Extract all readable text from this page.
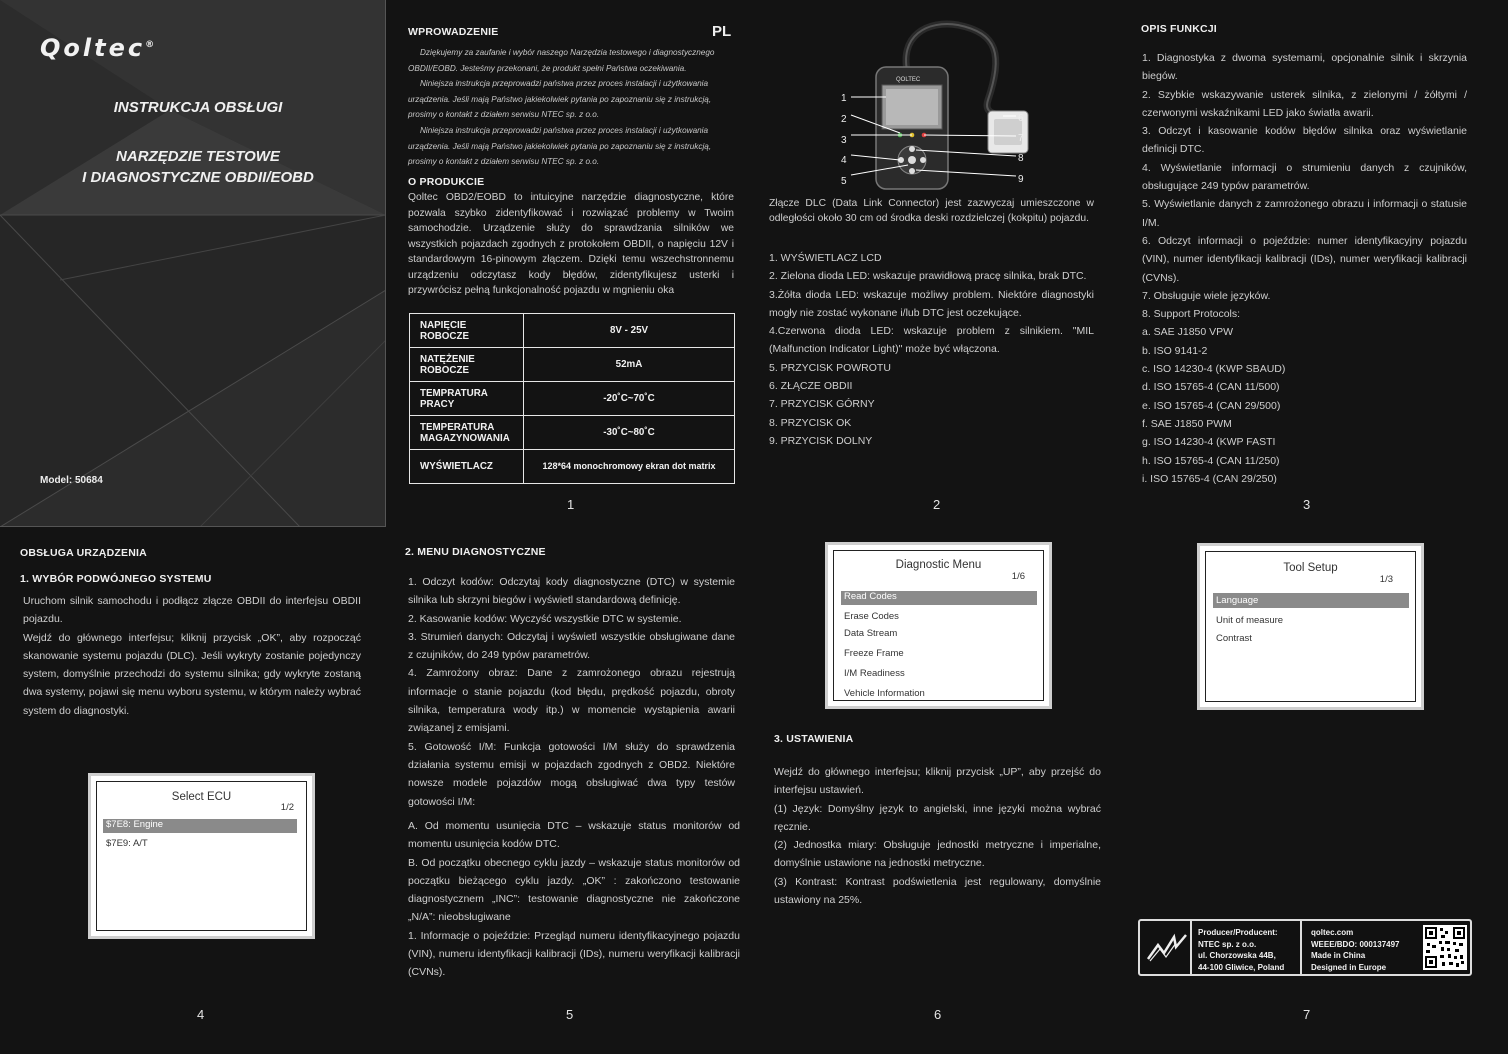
Qoltec®
INSTRUKCJA OBSŁUGI
NARZĘDZIE TESTOWE
I DIAGNOSTYCZNE OBDII/EOBD
Model: 50684
WPROWADZENIE	PL
Dziękujemy za zaufanie i wybór naszego Narzędzia testowego i diagnostycznego
OBDII/EOBD. Jesteśmy przekonani, że produkt spełni Państwa oczekiwania.
Niniejsza instrukcja przeprowadzi państwa przez proces instalacji i użytkowania
urządzenia. Jeśli mają Państwo jakiekolwiek pytania po zapoznaniu się z instrukcją,
prosimy o kontakt z działem serwisu NTEC sp. z o.o.
Niniejsza instrukcja przeprowadzi państwa przez proces instalacji i użytkowania
urządzenia. Jeśli mają Państwo jakiekolwiek pytania po zapoznaniu się z instrukcją,
prosimy o kontakt z działem serwisu NTEC sp. z o.o.
O PRODUKCIE
Qoltec OBD2/EOBD to intuicyjne narzędzie diagnostyczne, które pozwala szybko zidentyfikować i rozwiązać problemy w Twoim samochodzie. Urządzenie służy do sprawdzania silników we wszystkich pojazdach zgodnych z protokołem OBDII, o napięciu 12V i standardowym 16-pinowym złączem. Dzięki temu wszechstronnemu urządzeniu odczytasz kody błędów, zidentyfikujesz usterki i przywrócisz pełną funkcjonalność pojazdu w mgnieniu oka
NAPIĘCIE ROBOCZE	8V - 25V
NATĘŻENIE ROBOCZE	52mA
TEMPRATURA PRACY	-20˚C~70˚C
TEMPERATURA MAGAZYNOWANIA	-30˚C~80˚C
WYŚWIETLACZ	128*64 monochromowy ekran dot matrix
1
QOLTEC
1
2
3
4
5
6
7
8
9
Złącze DLC (Data Link Connector) jest zazwyczaj umieszczone w odległości około 30 cm od środka deski rozdzielczej (kokpitu) pojazdu.
1. WYŚWIETLACZ LCD
2. Zielona dioda LED: wskazuje prawidłową pracę silnika, brak DTC.
3.Żółta dioda LED: wskazuje możliwy problem. Niektóre diagnostyki mogły nie zostać wykonane i/lub DTC jest oczekujące.
4.Czerwona dioda LED: wskazuje problem z silnikiem. "MIL (Malfunction Indicator Light)" może być włączona.
5. PRZYCISK POWROTU
6. ZŁĄCZE OBDII
7. PRZYCISK GÓRNY
8. PRZYCISK OK
9. PRZYCISK DOLNY
2
OPIS FUNKCJI
1. Diagnostyka z dwoma systemami, opcjonalnie silnik i skrzynia biegów.
2. Szybkie wskazywanie usterek silnika, z zielonymi / żółtymi / czerwonymi wskaźnikami LED jako światła awarii.
3. Odczyt i kasowanie kodów błędów silnika oraz wyświetlanie definicji DTC.
4. Wyświetlanie informacji o strumieniu danych z czujników, obsługujące 249 typów parametrów.
5. Wyświetlanie danych z zamrożonego obrazu i informacji o statusie I/M.
6. Odczyt informacji o pojeździe: numer identyfikacyjny pojazdu (VIN), numer identyfikacji kalibracji (IDs), numer weryfikacji kalibracji (CVNs).
7. Obsługuje wiele języków.
8. Support Protocols:
a. SAE J1850 VPW
b. ISO 9141-2
c. ISO 14230-4 (KWP SBAUD)
d. ISO 15765-4 (CAN 11/500)
e. ISO 15765-4 (CAN 29/500)
f. SAE J1850 PWM
g. ISO 14230-4 (KWP FASTI
h. ISO 15765-4 (CAN 11/250)
i. ISO 15765-4 (CAN 29/250)
3
OBSŁUGA URZĄDZENIA
1. WYBÓR PODWÓJNEGO SYSTEMU
Uruchom silnik samochodu i podłącz złącze OBDII do interfejsu OBDII pojazdu.
Wejdź do głównego interfejsu; kliknij przycisk „OK”, aby rozpocząć skanowanie systemu pojazdu (DLC). Jeśli wykryty zostanie pojedynczy system, domyślnie przechodzi do systemu silnika; gdy wykryte zostaną dwa systemy, pojawi się menu wyboru systemu, w którym należy wybrać system do diagnostyki.
Select ECU
1/2
$7E8: Engine
$7E9: A/T
4
2. MENU DIAGNOSTYCZNE
1. Odczyt kodów: Odczytaj kody diagnostyczne (DTC) w systemie silnika lub skrzyni biegów i wyświetl standardową definicję.
2. Kasowanie kodów: Wyczyść wszystkie DTC w systemie.
3. Strumień danych: Odczytaj i wyświetl wszystkie obsługiwane dane z czujników, do 249 typów parametrów.
4. Zamrożony obraz: Dane z zamrożonego obrazu rejestrują informacje o stanie pojazdu (kod błędu, prędkość pojazdu, obroty silnika, temperatura wody itp.) w momencie wystąpienia awarii związanej z emisjami.
5. Gotowość I/M: Funkcja gotowości I/M służy do sprawdzenia działania systemu emisji w pojazdach zgodnych z OBD2. Niektóre nowsze modele pojazdów mogą obsługiwać dwa typy testów gotowości I/M:
A. Od momentu usunięcia DTC – wskazuje status monitorów od momentu usunięcia kodów DTC.
B. Od początku obecnego cyklu jazdy – wskazuje status monitorów od początku bieżącego cyklu jazdy. „OK” : zakończono testowanie diagnostycznem „INC”: testowanie diagnostyczne nie zakończone „N/A”: nieobsługiwane
1. Informacje o pojeździe: Przegląd numeru identyfikacyjnego pojazdu (VIN), numeru identyfikacji kalibracji (IDs), numeru weryfikacji kalibracji (CVNs).
5
Diagnostic Menu
1/6
Read Codes
Erase Codes
Data Stream
Freeze Frame
I/M Readiness
Vehicle Information
3. USTAWIENIA
Wejdź do głównego interfejsu; kliknij przycisk „UP”, aby przejść do interfejsu ustawień.
(1) Język: Domyślny język to angielski, inne języki można wybrać ręcznie.
(2) Jednostka miary: Obsługuje jednostki metryczne i imperialne, domyślnie ustawione na jednostki metryczne.
(3) Kontrast: Kontrast podświetlenia jest regulowany, domyślnie ustawiony na 25%.
6
Tool Setup
1/3
Language
Unit of measure
Contrast
Producer/Producent:
NTEC sp. z o.o.
ul. Chorzowska 44B,
44-100 Gliwice, Poland
qoltec.com
WEEE/BDO: 000137497
Made in China
Designed in Europe
7
